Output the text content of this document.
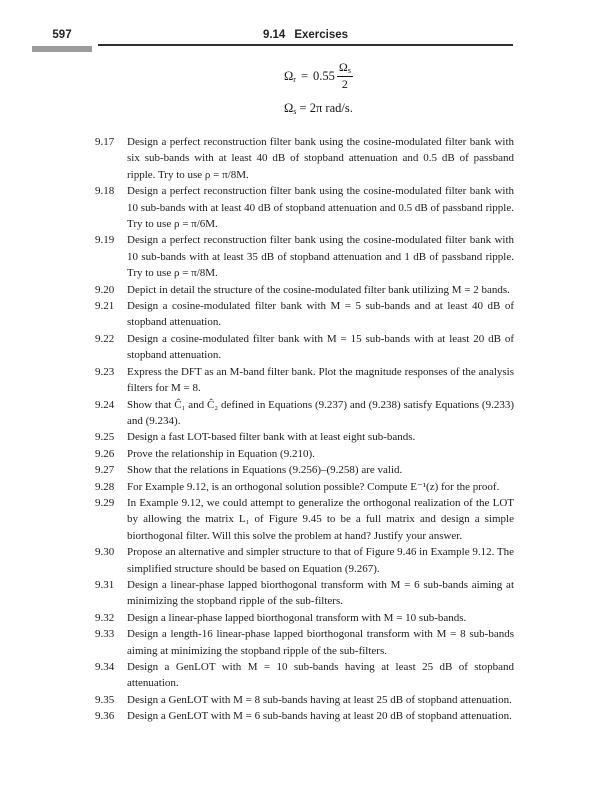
597	9.14 Exercises
$\Omega_r = 0.55 \frac{\Omega_s}{2}$
$\Omega_s = 2\pi$ rad/s.
9.17	Design a perfect reconstruction filter bank using the cosine-modulated filter bank with six sub-bands with at least 40 dB of stopband attenuation and 0.5 dB of passband ripple. Try to use ρ = π/8M.
9.18	Design a perfect reconstruction filter bank using the cosine-modulated filter bank with 10 sub-bands with at least 40 dB of stopband attenuation and 0.5 dB of passband ripple. Try to use ρ = π/6M.
9.19	Design a perfect reconstruction filter bank using the cosine-modulated filter bank with 10 sub-bands with at least 35 dB of stopband attenuation and 1 dB of passband ripple. Try to use ρ = π/8M.
9.20	Depict in detail the structure of the cosine-modulated filter bank utilizing M = 2 bands.
9.21	Design a cosine-modulated filter bank with M = 5 sub-bands and at least 40 dB of stopband attenuation.
9.22	Design a cosine-modulated filter bank with M = 15 sub-bands with at least 20 dB of stopband attenuation.
9.23	Express the DFT as an M-band filter bank. Plot the magnitude responses of the analysis filters for M = 8.
9.24	Show that Ĉ₁ and Ĉ₂ defined in Equations (9.237) and (9.238) satisfy Equations (9.233) and (9.234).
9.25	Design a fast LOT-based filter bank with at least eight sub-bands.
9.26	Prove the relationship in Equation (9.210).
9.27	Show that the relations in Equations (9.256)–(9.258) are valid.
9.28	For Example 9.12, is an orthogonal solution possible? Compute E⁻¹(z) for the proof.
9.29	In Example 9.12, we could attempt to generalize the orthogonal realization of the LOT by allowing the matrix L₁ of Figure 9.45 to be a full matrix and design a simple biorthogonal filter. Will this solve the problem at hand? Justify your answer.
9.30	Propose an alternative and simpler structure to that of Figure 9.46 in Example 9.12. The simplified structure should be based on Equation (9.267).
9.31	Design a linear-phase lapped biorthogonal transform with M = 6 sub-bands aiming at minimizing the stopband ripple of the sub-filters.
9.32	Design a linear-phase lapped biorthogonal transform with M = 10 sub-bands.
9.33	Design a length-16 linear-phase lapped biorthogonal transform with M = 8 sub-bands aiming at minimizing the stopband ripple of the sub-filters.
9.34	Design a GenLOT with M = 10 sub-bands having at least 25 dB of stopband attenuation.
9.35	Design a GenLOT with M = 8 sub-bands having at least 25 dB of stopband attenuation.
9.36	Design a GenLOT with M = 6 sub-bands having at least 20 dB of stopband attenuation.
